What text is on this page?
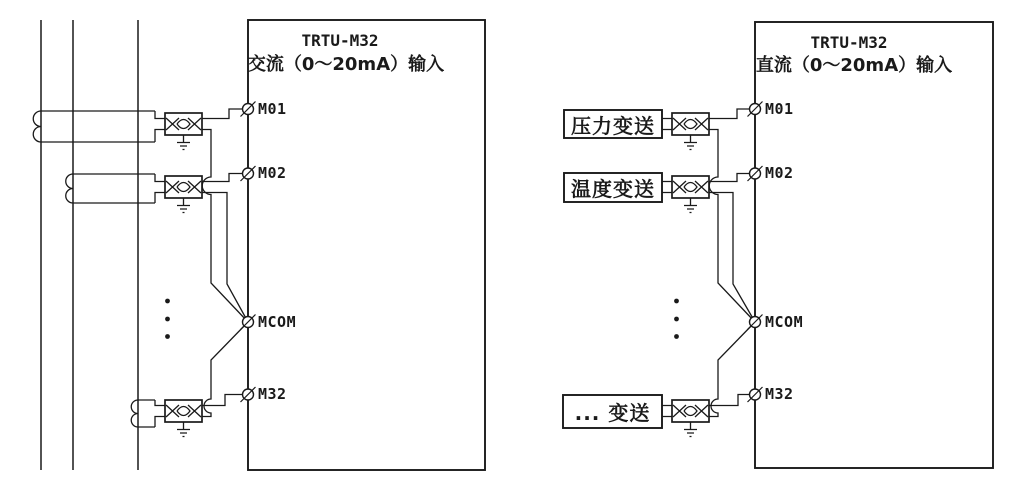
TRTU-M32
交流（0～20mA）输入
M01
M02
MCOM
M32
TRTU-M32
直流（0～20mA）输入
M01
M02
MCOM
M32
压力变送
温度变送
... 变送
